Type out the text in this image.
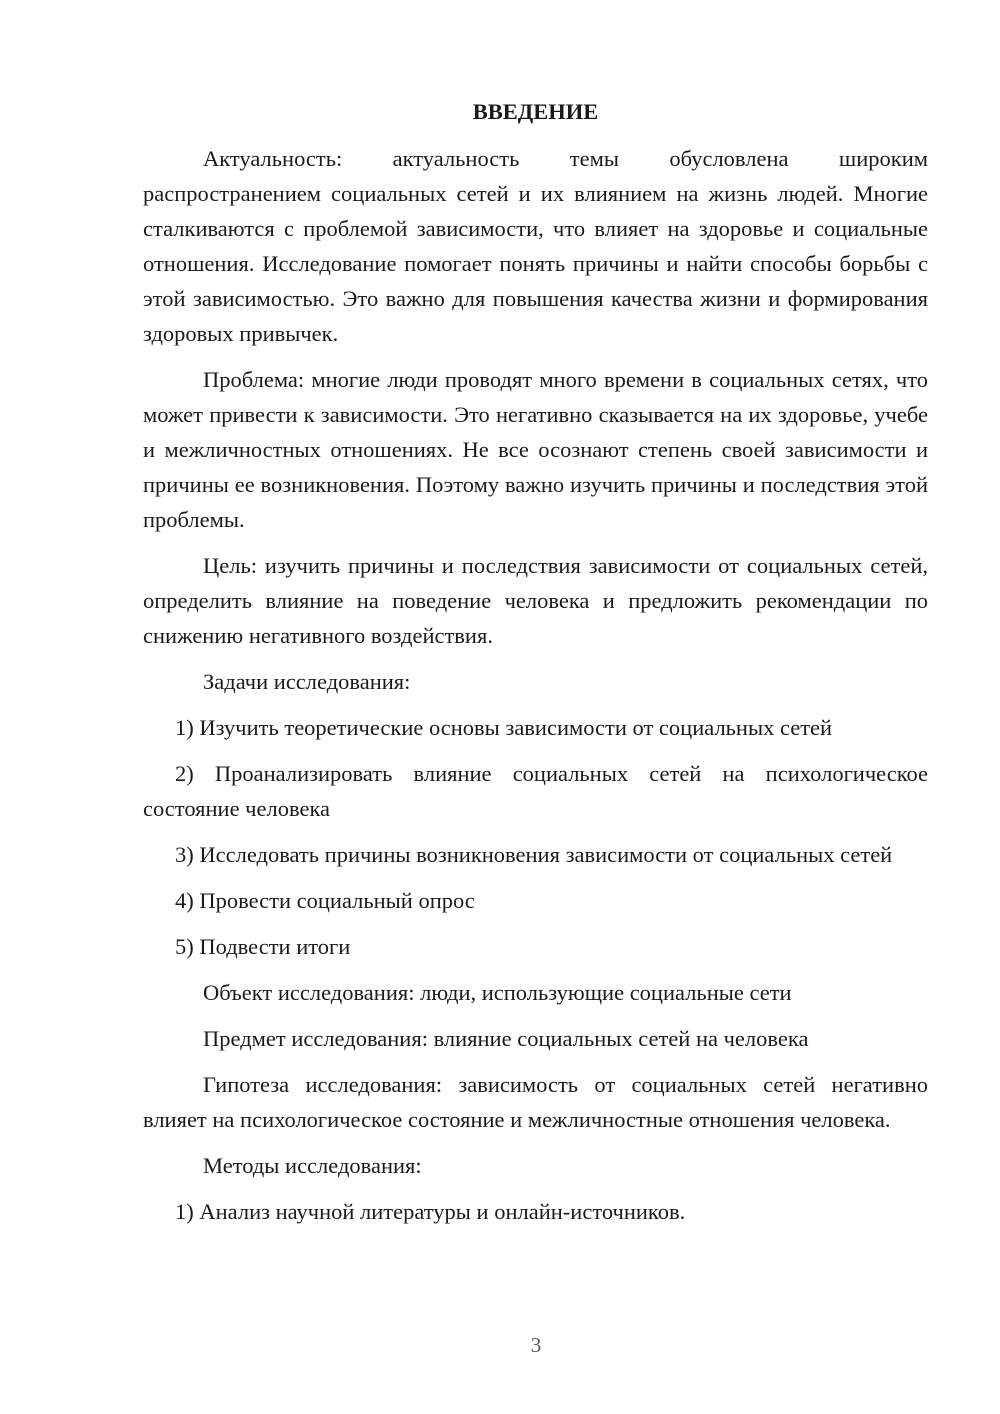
ВВЕДЕНИЕ

Актуальность: актуальность темы обусловлена широким распространением социальных сетей и их влиянием на жизнь людей. Многие сталкиваются с проблемой зависимости, что влияет на здоровье и социальные отношения. Исследование помогает понять причины и найти способы борьбы с этой зависимостью. Это важно для повышения качества жизни и формирования здоровых привычек.

Проблема: многие люди проводят много времени в социальных сетях, что может привести к зависимости. Это негативно сказывается на их здоровье, учебе и межличностных отношениях. Не все осознают степень своей зависимости и причины ее возникновения. Поэтому важно изучить причины и последствия этой проблемы.

Цель: изучить причины и последствия зависимости от социальных сетей, определить влияние на поведение человека и предложить рекомендации по снижению негативного воздействия.

Задачи исследования:

1) Изучить теоретические основы зависимости от социальных сетей

2) Проанализировать влияние социальных сетей на психологическое состояние человека

3) Исследовать причины возникновения зависимости от социальных сетей

4) Провести социальный опрос

5) Подвести итоги

Объект исследования: люди, использующие социальные сети

Предмет исследования: влияние социальных сетей на человека

Гипотеза исследования: зависимость от социальных сетей негативно влияет на психологическое состояние и межличностные отношения человека.

Методы исследования:

1) Анализ научной литературы и онлайн-источников.

3
